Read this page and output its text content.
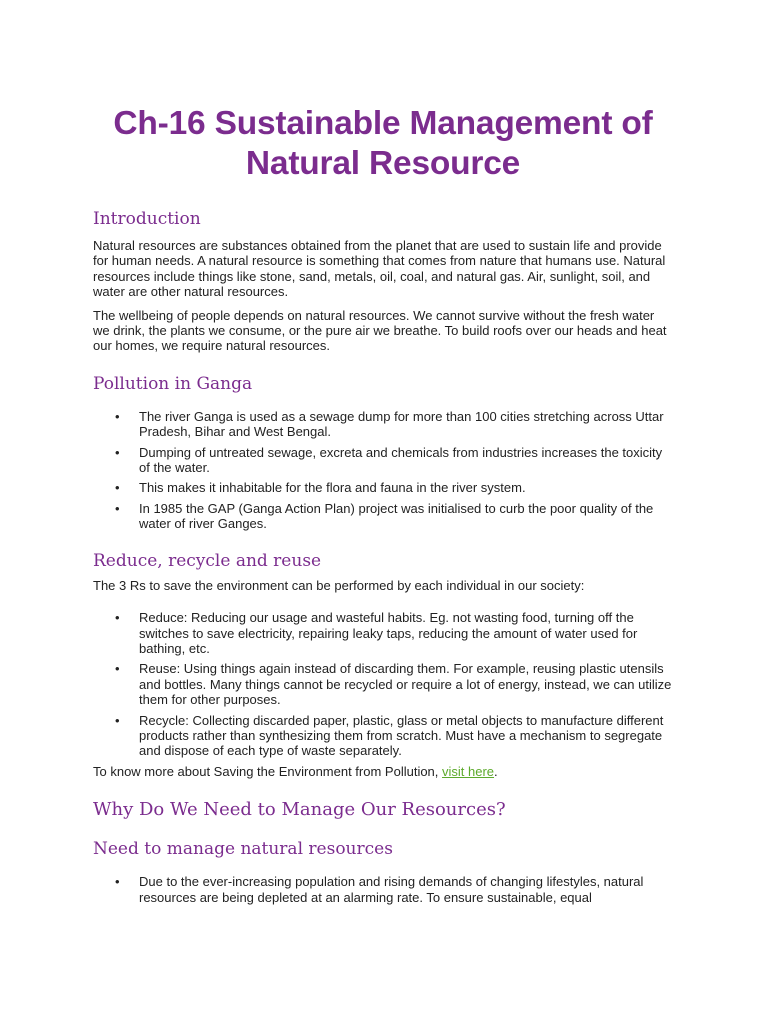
Ch-16 Sustainable Management of Natural Resource
Introduction

Natural resources are substances obtained from the planet that are used to sustain life and provide for human needs. A natural resource is something that comes from nature that humans use. Natural resources include things like stone, sand, metals, oil, coal, and natural gas. Air, sunlight, soil, and water are other natural resources.

The wellbeing of people depends on natural resources. We cannot survive without the fresh water we drink, the plants we consume, or the pure air we breathe. To build roofs over our heads and heat our homes, we require natural resources.

Pollution in Ganga
• The river Ganga is used as a sewage dump for more than 100 cities stretching across Uttar Pradesh, Bihar and West Bengal.
• Dumping of untreated sewage, excreta and chemicals from industries increases the toxicity of the water.
• This makes it inhabitable for the flora and fauna in the river system.
• In 1985 the GAP (Ganga Action Plan) project was initialised to curb the poor quality of the water of river Ganges.
Reduce, recycle and reuse

The 3 Rs to save the environment can be performed by each individual in our society:

• Reduce: Reducing our usage and wasteful habits. Eg. not wasting food, turning off the switches to save electricity, repairing leaky taps, reducing the amount of water used for bathing, etc.
• Reuse: Using things again instead of discarding them. For example, reusing plastic utensils and bottles. Many things cannot be recycled or require a lot of energy, instead, we can utilize them for other purposes.
• Recycle: Collecting discarded paper, plastic, glass or metal objects to manufacture different products rather than synthesizing them from scratch. Must have a mechanism to segregate and dispose of each type of waste separately.

To know more about Saving the Environment from Pollution, visit here.

Why Do We Need to Manage Our Resources?
Need to manage natural resources
• Due to the ever-increasing population and rising demands of changing lifestyles, natural resources are being depleted at an alarming rate. To ensure sustainable, equal
